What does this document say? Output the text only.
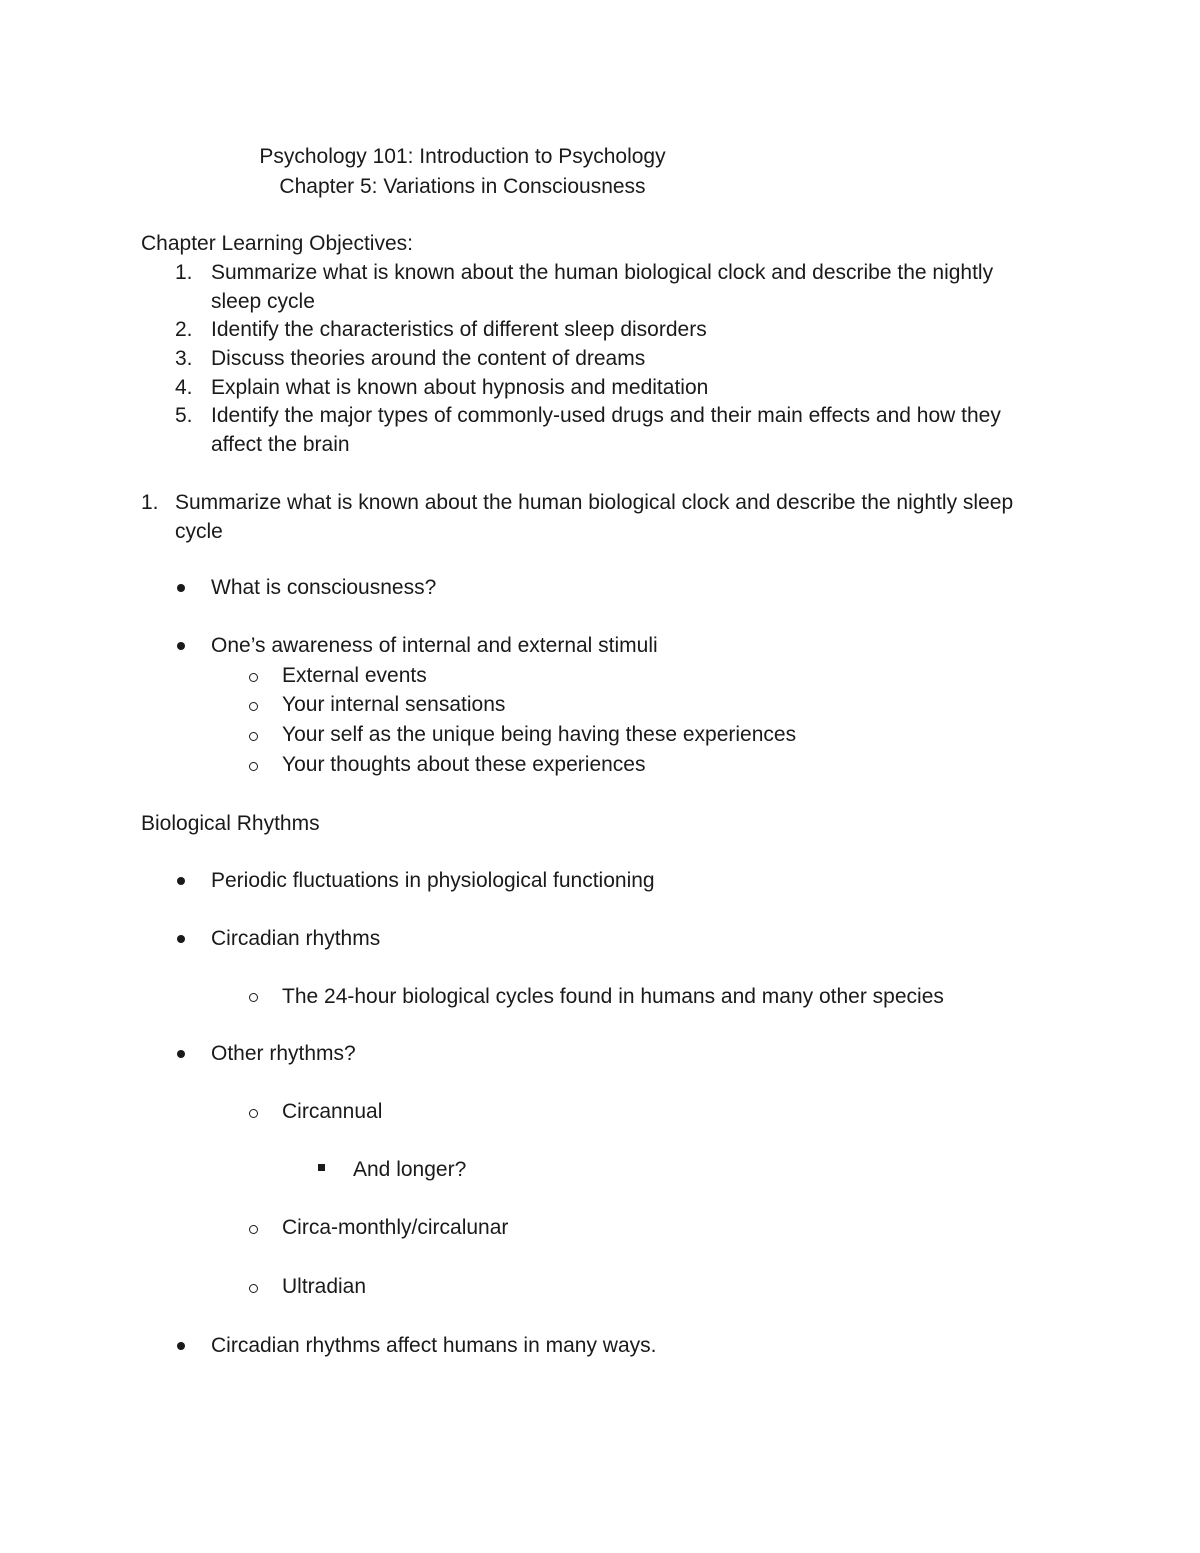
Psychology 101: Introduction to Psychology
Chapter 5: Variations in Consciousness
Chapter Learning Objectives:
1. Summarize what is known about the human biological clock and describe the nightly
sleep cycle
2. Identify the characteristics of different sleep disorders
3. Discuss theories around the content of dreams
4. Explain what is known about hypnosis and meditation
5. Identify the major types of commonly-used drugs and their main effects and how they
affect the brain
1. Summarize what is known about the human biological clock and describe the nightly sleep
cycle
What is consciousness?
One’s awareness of internal and external stimuli
External events
Your internal sensations
Your self as the unique being having these experiences
Your thoughts about these experiences
Biological Rhythms
Periodic fluctuations in physiological functioning
Circadian rhythms
The 24-hour biological cycles found in humans and many other species
Other rhythms?
Circannual
And longer?
Circa-monthly/circalunar
Ultradian
Circadian rhythms affect humans in many ways.
